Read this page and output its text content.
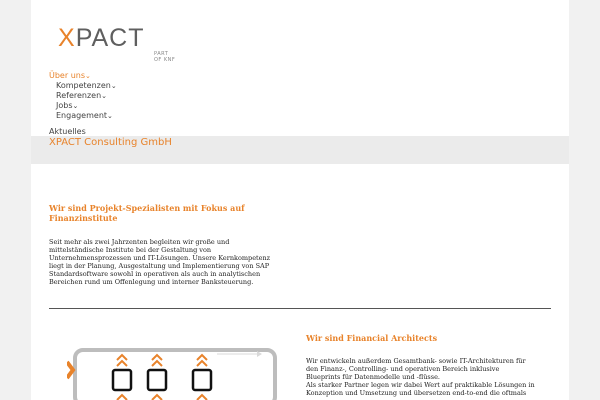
XPACT
PART OF KNF
Über uns⌄
Kompetenzen⌄
Referenzen⌄
Jobs⌄
Engagement⌄
Aktuelles
XPACT Consulting GmbH
Wir sind Projekt-Spezialisten mit Fokus auf Finanzinstitute
Seit mehr als zwei Jahrzenten begleiten wir große und
mittelständische Institute bei der Gestaltung von
Unternehmensprozessen und IT-Lösungen. Unsere Kernkompetenz
liegt in der Planung, Ausgestaltung und Implementierung von SAP
Standardsoftware sowohl in operativen als auch in analytischen
Bereichen rund um Offenlegung und interner Banksteuerung.
Wir sind Financial Architects
Wir entwickeln außerdem Gesamtbank- sowie IT-Architekturen für
den Finanz-, Controlling- und operativen Bereich inklusive
Blueprints für Datenmodelle und -flüsse.
Als starker Partner legen wir dabei Wert auf praktikable Lösungen in
Konzeption und Umsetzung und übersetzen end-to-end die oftmals
